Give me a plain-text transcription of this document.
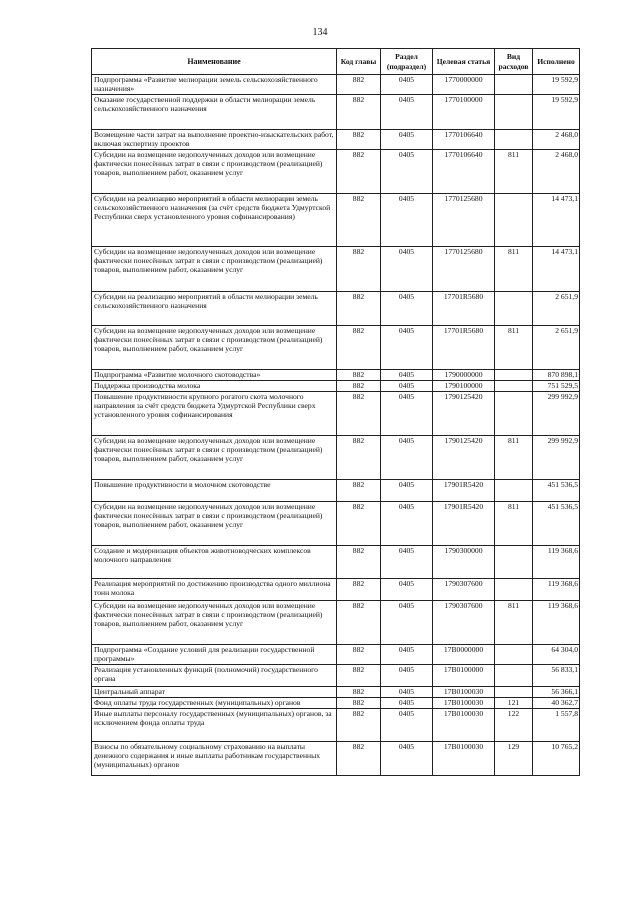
134
Наименование	Код главы	Раздел (подраздел)	Целевая статья	Вид расходов	Исполнено
Подпрограмма «Развитие мелиорации земель сельскохозяйственного назначения»	882	0405	1770000000		19 592,9
Оказание государственной поддержки в области мелиорации земель сельскохозяйственного назначения	882	0405	1770100000		19 592,9
Возмещение части затрат на выполнение проектно-изыскательских работ, включая экспертизу проектов	882	0405	1770106640		2 468,0
Субсидии на возмещение недополученных доходов или возмещение фактически понесённых затрат в связи с производством (реализацией) товаров, выполнением работ, оказанием услуг	882	0405	1770106640	811	2 468,0
Субсидии на реализацию мероприятий в области мелиорации земель сельскохозяйственного назначения (за счёт средств бюджета Удмуртской Республики сверх установленного уровня софинансирования)	882	0405	1770125680		14 473,1
Субсидии на возмещение недополученных доходов или возмещение фактически понесённых затрат в связи с производством (реализацией) товаров, выполнением работ, оказанием услуг	882	0405	1770125680	811	14 473,1
Субсидии на реализацию мероприятий в области мелиорации земель сельскохозяйственного назначения	882	0405	17701R5680		2 651,9
Субсидии на возмещение недополученных доходов или возмещение фактически понесённых затрат в связи с производством (реализацией) товаров, выполнением работ, оказанием услуг	882	0405	17701R5680	811	2 651,9
Подпрограмма «Развитие молочного скотоводства»	882	0405	1790000000		870 898,1
Поддержка производства молока	882	0405	1790100000		751 529,5
Повышение продуктивности крупного рогатого скота молочного направления за счёт средств бюджета Удмуртской Республики сверх установленного уровня софинансирования	882	0405	1790125420		299 992,9
Субсидии на возмещение недополученных доходов или возмещение фактически понесённых затрат в связи с производством (реализацией) товаров, выполнением работ, оказанием услуг	882	0405	1790125420	811	299 992,9
Повышение продуктивности в молочном скотоводстве	882	0405	17901R5420		451 536,5
Субсидии на возмещение недополученных доходов или возмещение фактически понесённых затрат в связи с производством (реализацией) товаров, выполнением работ, оказанием услуг	882	0405	17901R5420	811	451 536,5
Создание и модернизация объектов животноводческих комплексов молочного направления	882	0405	1790300000		119 368,6
Реализация мероприятий по достижению производства одного миллиона тонн молока	882	0405	1790307600		119 368,6
Субсидии на возмещение недополученных доходов или возмещение фактически понесённых затрат в связи с производством (реализацией) товаров, выполнением работ, оказанием услуг	882	0405	1790307600	811	119 368,6
Подпрограмма «Создание условий для реализации государственной программы»	882	0405	17В0000000		64 304,0
Реализация установленных функций (полномочий) государственного органа	882	0405	17В0100000		56 833,1
Центральный аппарат	882	0405	17В0100030		56 366,1
Фонд оплаты труда государственных (муниципальных) органов	882	0405	17В0100030	121	40 362,7
Иные выплаты персоналу государственных (муниципальных) органов, за исключением фонда оплаты труда	882	0405	17В0100030	122	1 557,8
Взносы по обязательному социальному страхованию на выплаты денежного содержания и иные выплаты работникам государственных (муниципальных) органов	882	0405	17В0100030	129	10 765,2
